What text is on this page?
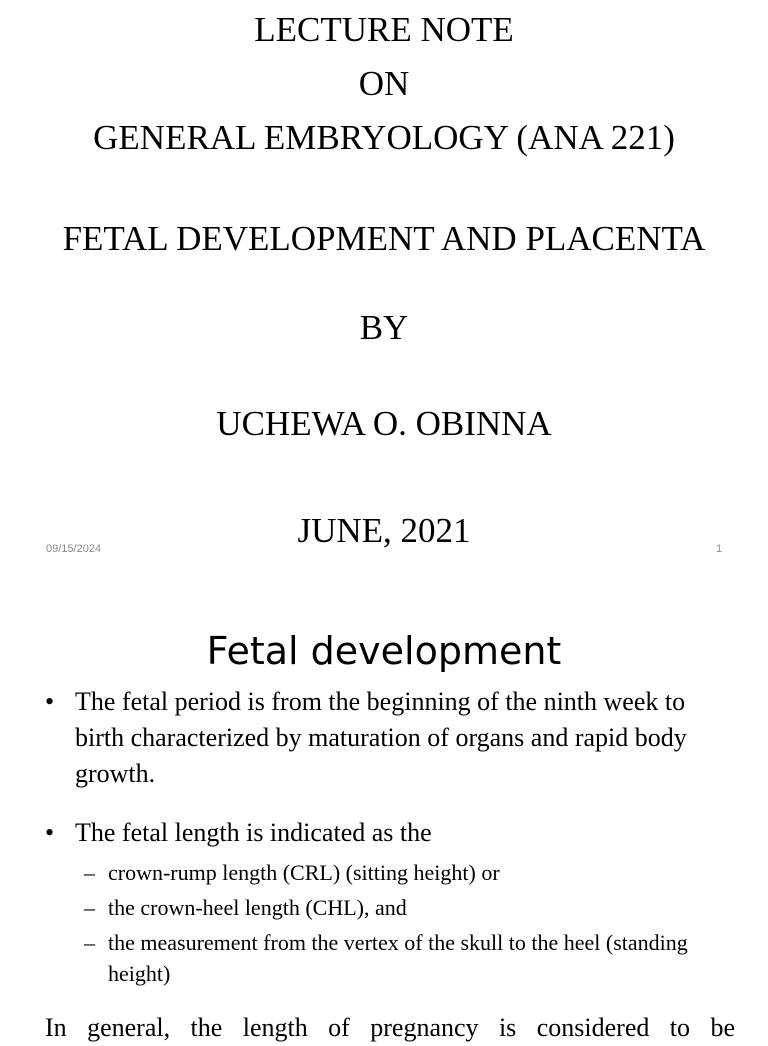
LECTURE NOTE
ON
GENERAL EMBRYOLOGY (ANA 221)
FETAL DEVELOPMENT AND PLACENTA
BY
UCHEWA O. OBINNA
JUNE, 2021
09/15/2024	1
Fetal development
• The fetal period is from the beginning of the ninth week to birth characterized by maturation of organs and rapid body growth.
• The fetal length is indicated as the
– crown-rump length (CRL) (sitting height) or
– the crown-heel length (CHL), and
– the measurement from the vertex of the skull to the heel (standing height)
In general, the length of pregnancy is considered to be
